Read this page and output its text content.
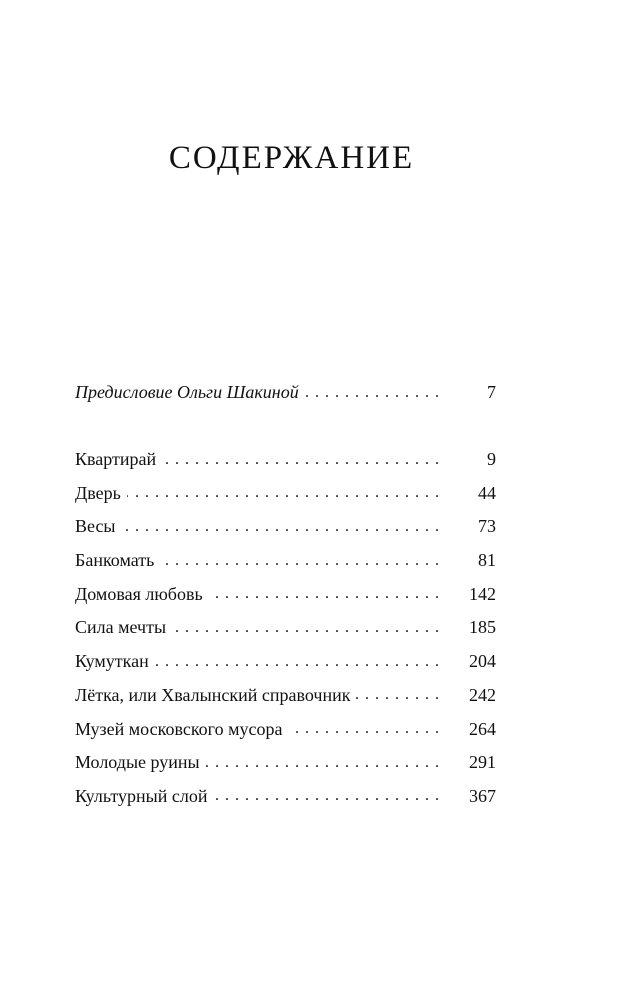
СОДЕРЖАНИЕ
Предисловие Ольги Шакиной . . .	7
Квартирай . . .	9
Дверь . . .	44
Весы . . .	73
Банкомать . . .	81
Домовая любовь . . .	142
Сила мечты . . .	185
Кумуткан . . .	204
Лётка, или Хвалынский справочник . . .	242
Музей московского мусора . . .	264
Молодые руины . . .	291
Культурный слой . . .	367
